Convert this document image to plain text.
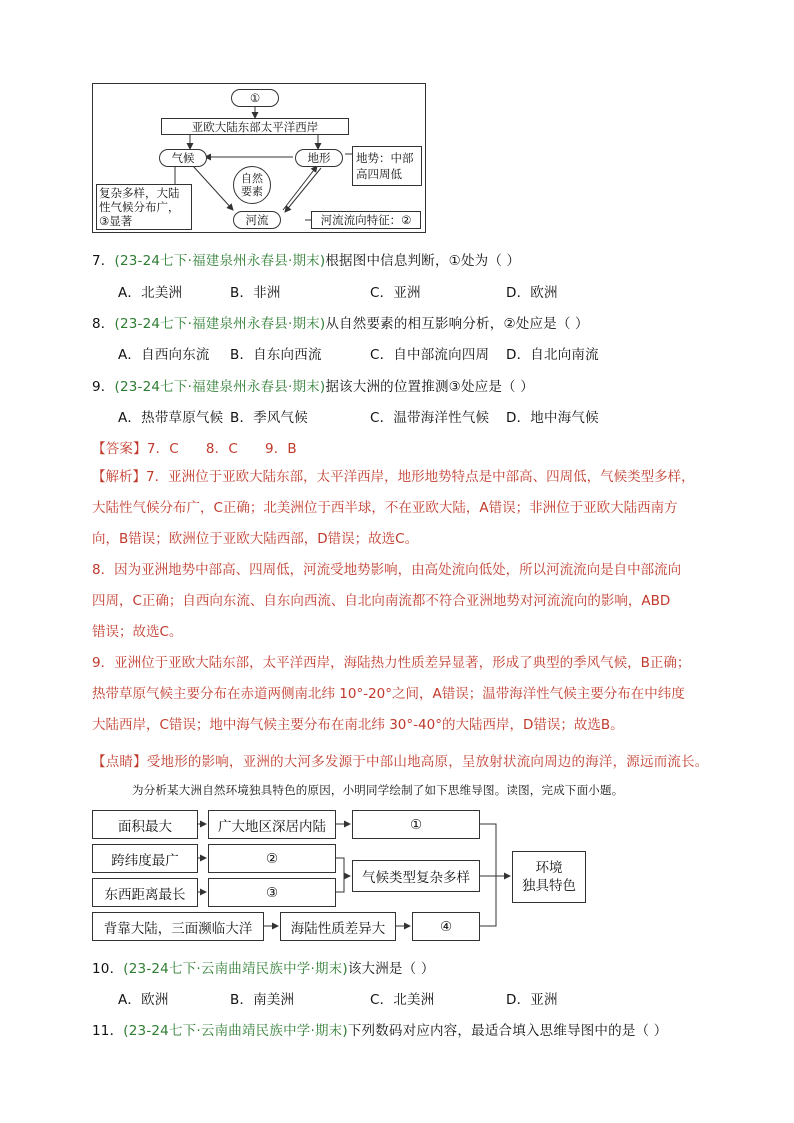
①
亚欧大陆东部太平洋西岸
气候	地形
自然
要素
河流
地势：中部
高四周低
复杂多样，大陆
性气候分布广，
③显著	河流流向特征：②
7．(23-24七下·福建泉州永春县·期末)根据图中信息判断，①处为（ ）
A．北美洲	B．非洲	C．亚洲	D．欧洲
8．(23-24七下·福建泉州永春县·期末)从自然要素的相互影响分析，②处应是（ ）
A．自西向东流 B．自东向西流	C．自中部流向四周 D．自北向南流
9．(23-24七下·福建泉州永春县·期末)据该大洲的位置推测③处应是（ ）
A．热带草原气候 B．季风气候	C．温带海洋性气候 D．地中海气候
【答案】7．C      8．C      9．B
【解析】7．亚洲位于亚欧大陆东部，太平洋西岸，地形地势特点是中部高、四周低，气候类型多样，
大陆性气候分布广，C正确；北美洲位于西半球，不在亚欧大陆，A错误；非洲位于亚欧大陆西南方
向，B错误；欧洲位于亚欧大陆西部，D错误；故选C。
8．因为亚洲地势中部高、四周低，河流受地势影响，由高处流向低处，所以河流流向是自中部流向
四周，C正确；自西向东流、自东向西流、自北向南流都不符合亚洲地势对河流流向的影响，ABD
错误；故选C。
9．亚洲位于亚欧大陆东部，太平洋西岸，海陆热力性质差异显著，形成了典型的季风气候，B正确；
热带草原气候主要分布在赤道两侧南北纬 10°-20°之间，A错误；温带海洋性气候主要分布在中纬度
大陆西岸，C错误；地中海气候主要分布在南北纬 30°-40°的大陆西岸，D错误；故选B。
【点睛】受地形的影响，亚洲的大河多发源于中部山地高原，呈放射状流向周边的海洋，源远而流长。
为分析某大洲自然环境独具特色的原因，小明同学绘制了如下思维导图。读图，完成下面小题。
面积最大	广大地区深居内陆	①
跨纬度最广	②
东西距离最长	③
气候类型复杂多样
背靠大陆，三面濒临大洋	海陆性质差异大	④
环境
独具特色
10．(23-24七下·云南曲靖民族中学·期末)该大洲是（ ）
A．欧洲	B．南美洲	C．北美洲	D．亚洲
11．(23-24七下·云南曲靖民族中学·期末)下列数码对应内容，最适合填入思维导图中的是（ ）
